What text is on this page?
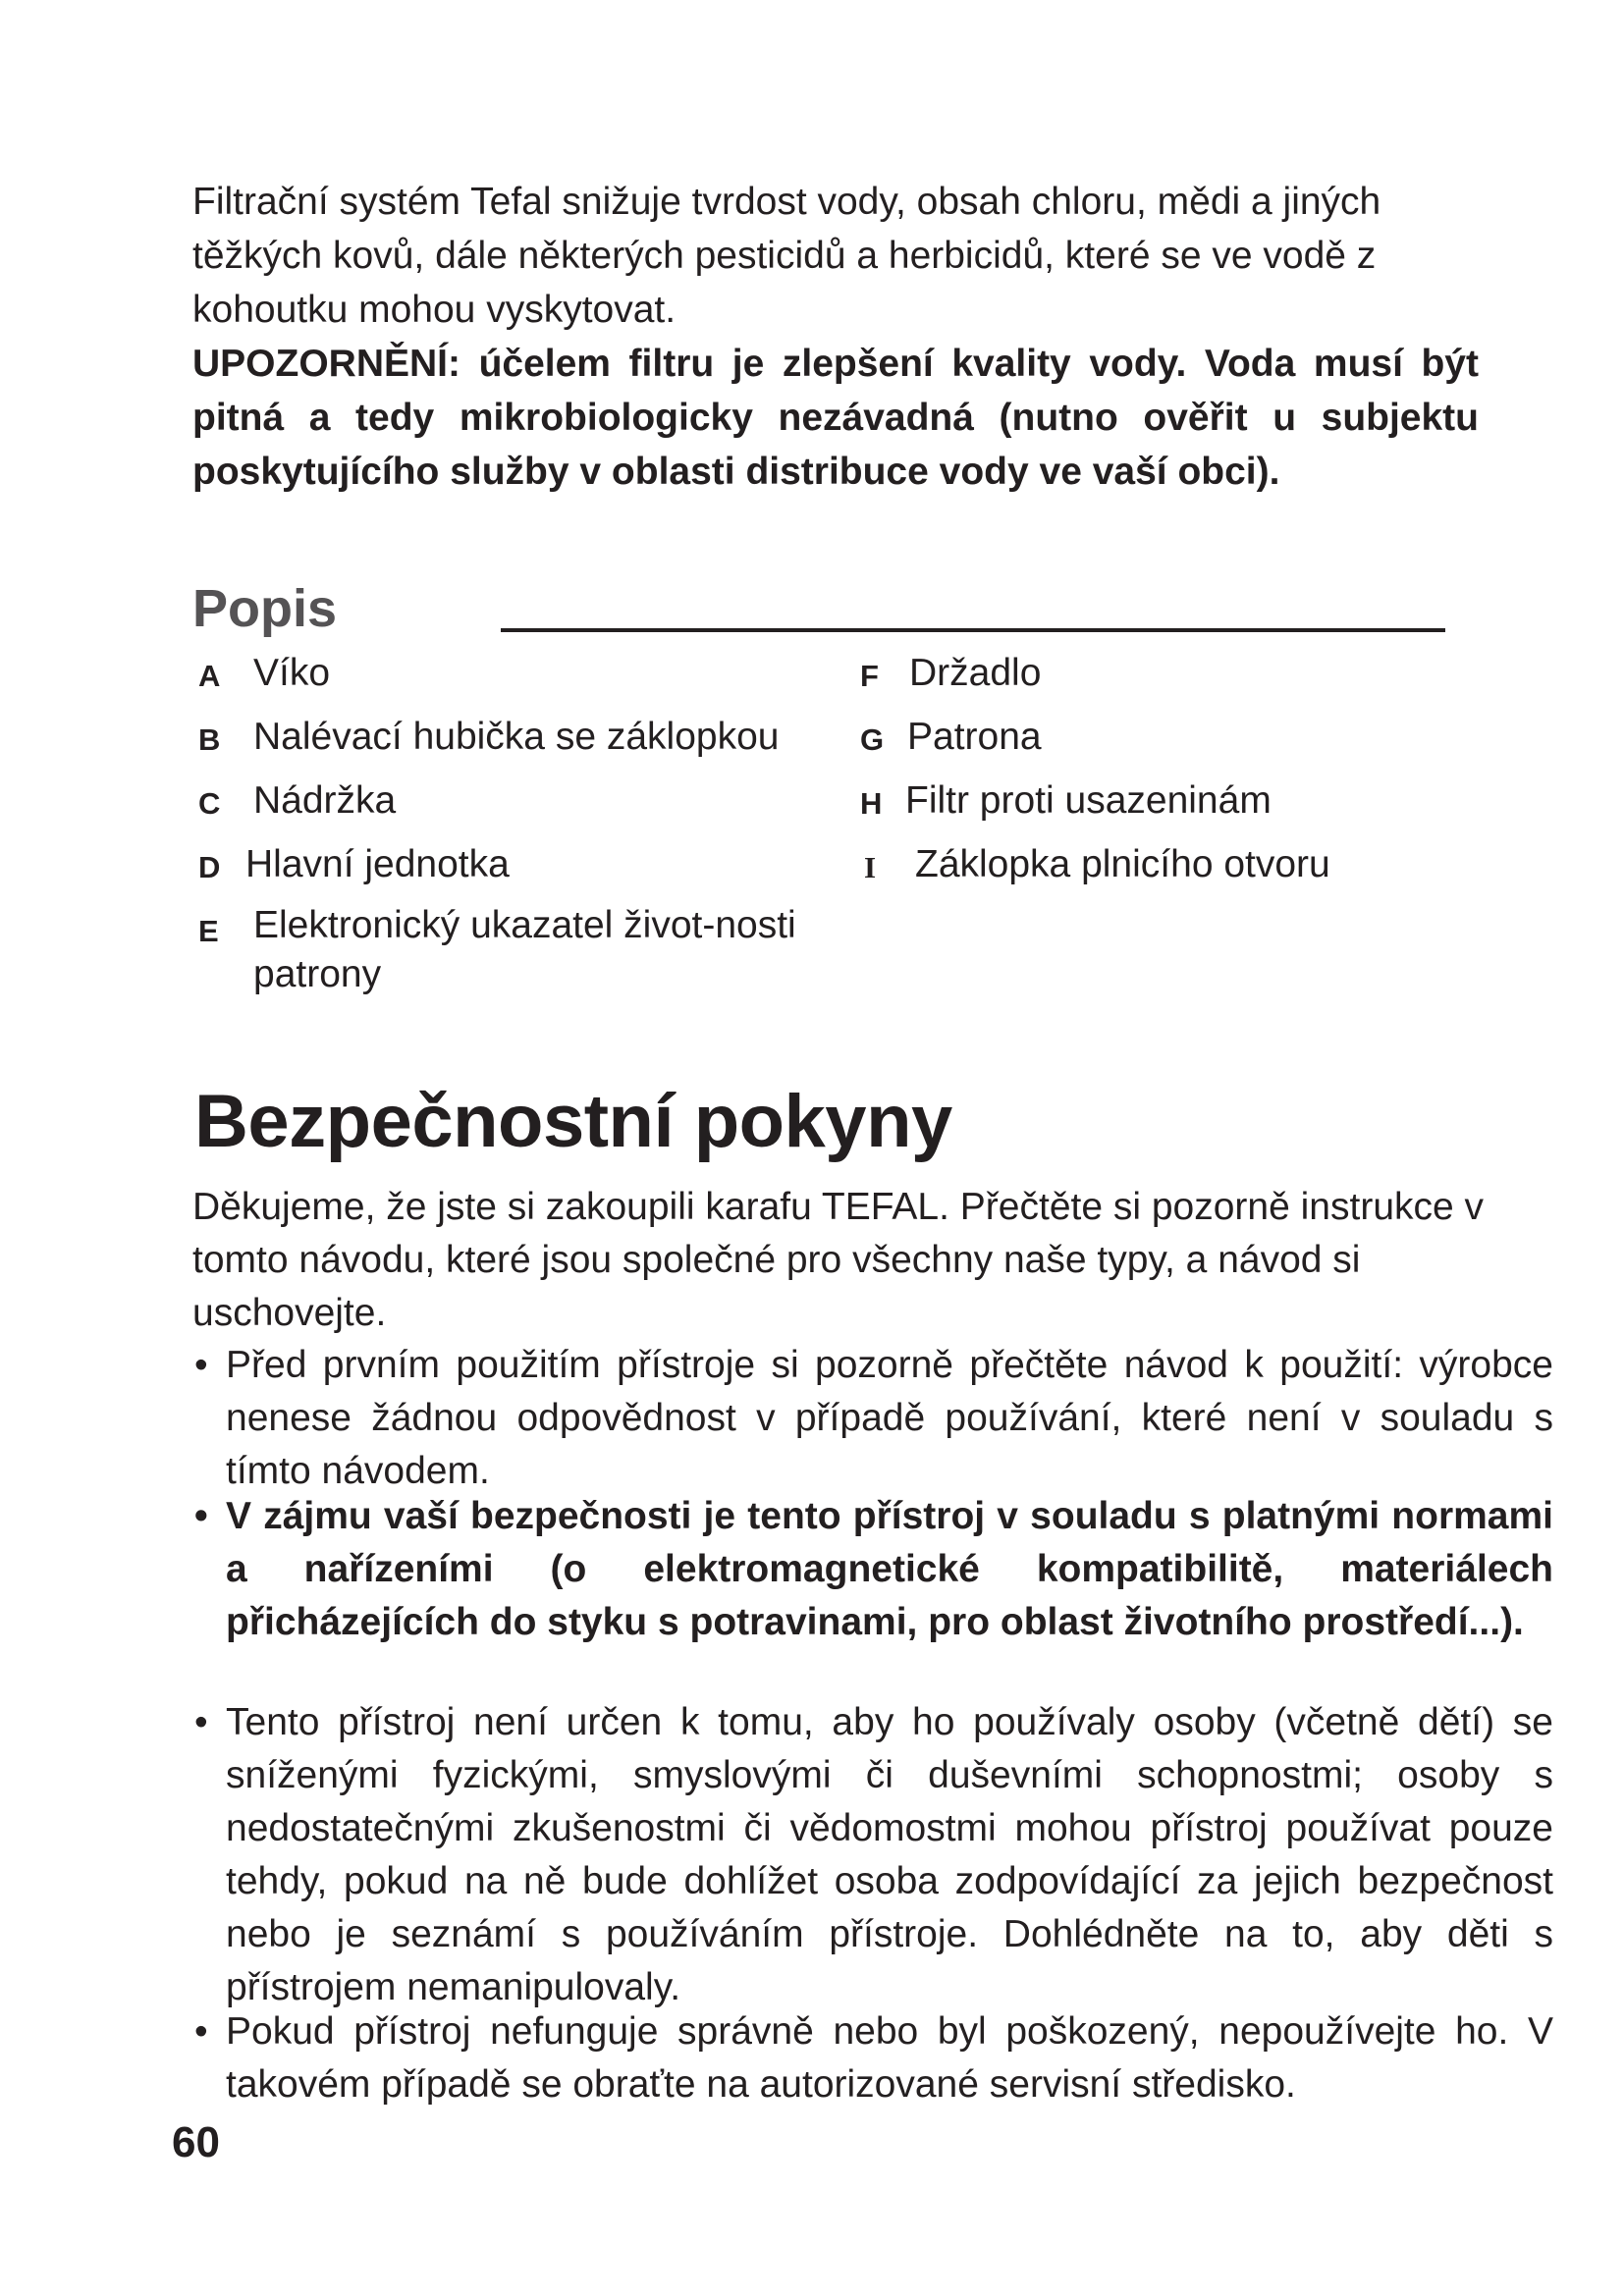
Filtrační systém Tefal snižuje tvrdost vody, obsah chloru, mědi a jiných těžkých kovů, dále některých pesticidů a herbicidů, které se ve vodě z kohoutku mohou vyskytovat.

UPOZORNĚNÍ: účelem filtru je zlepšení kvality vody. Voda musí být pitná a tedy mikrobiologicky nezávadná (nutno ověřit u subjektu poskytujícího služby v oblasti distribuce vody ve vaší obci).

Popis
A Víko
B Nalévací hubička se záklopkou
C Nádržka
D Hlavní jednotka
E Elektronický ukazatel život-nosti patrony
F Držadlo
G Patrona
H Filtr proti usazeninám
I Záklopka plnicího otvoru
Bezpečnostní pokyny

Děkujeme, že jste si zakoupili karafu TEFAL. Přečtěte si pozorně instrukce v tomto návodu, které jsou společné pro všechny naše typy, a návod si uschovejte.

• Před prvním použitím přístroje si pozorně přečtěte návod k použití: výrobce nenese žádnou odpovědnost v případě používání, které není v souladu s tímto návodem.
• V zájmu vaší bezpečnosti je tento přístroj v souladu s platnými normami a nařízeními (o elektromagnetické kompatibilitě, materiálech přicházejících do styku s potravinami, pro oblast životního prostředí...).
• Tento přístroj není určen k tomu, aby ho používaly osoby (včetně dětí) se sníženými fyzickými, smyslovými či duševními schopnostmi; osoby s nedostatečnými zkušenostmi či vědomostmi mohou přístroj používat pouze tehdy, pokud na ně bude dohlížet osoba zodpovídající za jejich bezpečnost nebo je seznámí s používáním přístroje. Dohlédněte na to, aby děti s přístrojem nemanipulovaly.
• Pokud přístroj nefunguje správně nebo byl poškozený, nepoužívejte ho. V takovém případě se obraťte na autorizované servisní středisko.
60
